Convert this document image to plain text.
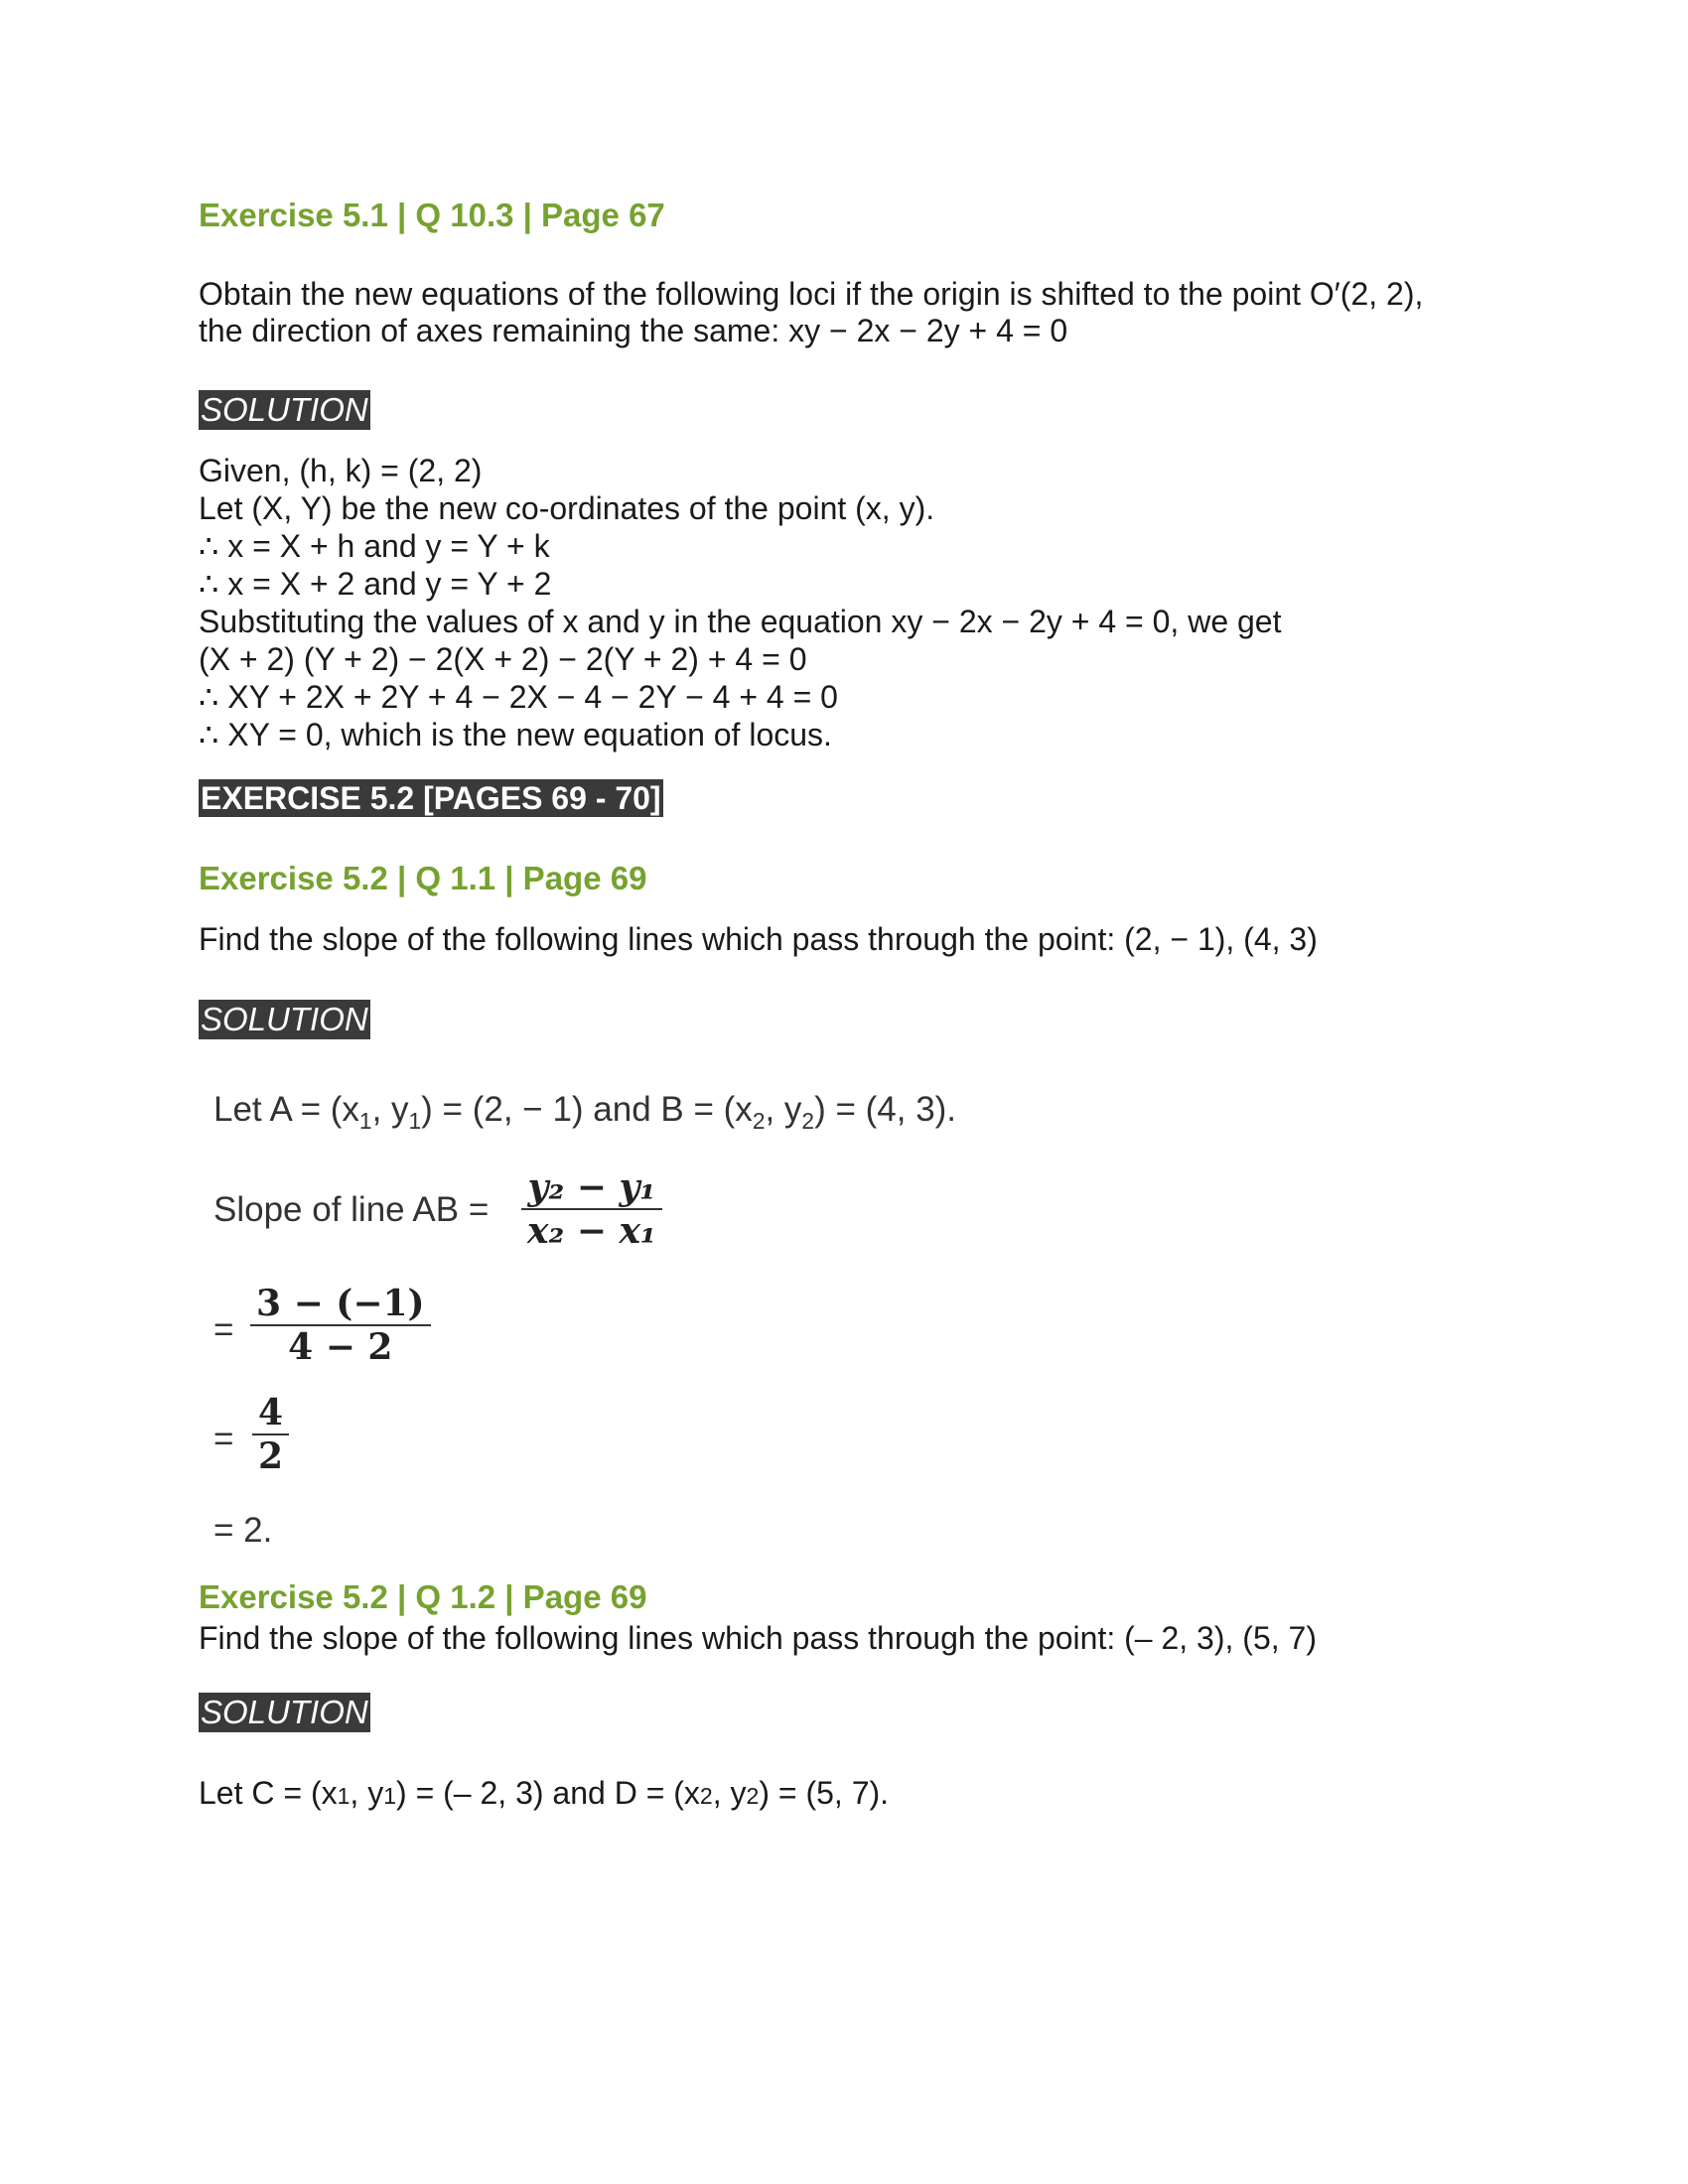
Exercise 5.1 | Q 10.3 | Page 67
Obtain the new equations of the following loci if the origin is shifted to the point O′(2, 2),
the direction of axes remaining the same: xy − 2x − 2y + 4 = 0
SOLUTION
Given, (h, k) = (2, 2)
Let (X, Y) be the new co-ordinates of the point (x, y).
∴ x = X + h and y = Y + k
∴ x = X + 2 and y = Y + 2
Substituting the values of x and y in the equation xy − 2x − 2y + 4 = 0, we get
(X + 2) (Y + 2) − 2(X + 2) − 2(Y + 2) + 4 = 0
∴ XY + 2X + 2Y + 4 − 2X − 4 − 2Y − 4 + 4 = 0
∴ XY = 0, which is the new equation of locus.
EXERCISE 5.2 [PAGES 69 - 70]
Exercise 5.2 | Q 1.1 | Page 69
Find the slope of the following lines which pass through the point: (2, − 1), (4, 3)
SOLUTION
Let $A = (x_1$, $y_1) = (2$, − 1) and $B = (x_2$, $y_2) = (4$, 3).
Slope of line AB =
y₂ − y₁
x₂ − x₁
=
3 − (−1)
4 − 2
=
4
2
= 2.
Exercise 5.2 | Q 1.2 | Page 69
Find the slope of the following lines which pass through the point: (– 2, 3), (5, 7)
SOLUTION
Let C = (x1, y1) = (– 2, 3) and D = (x2, y2) = (5, 7).
